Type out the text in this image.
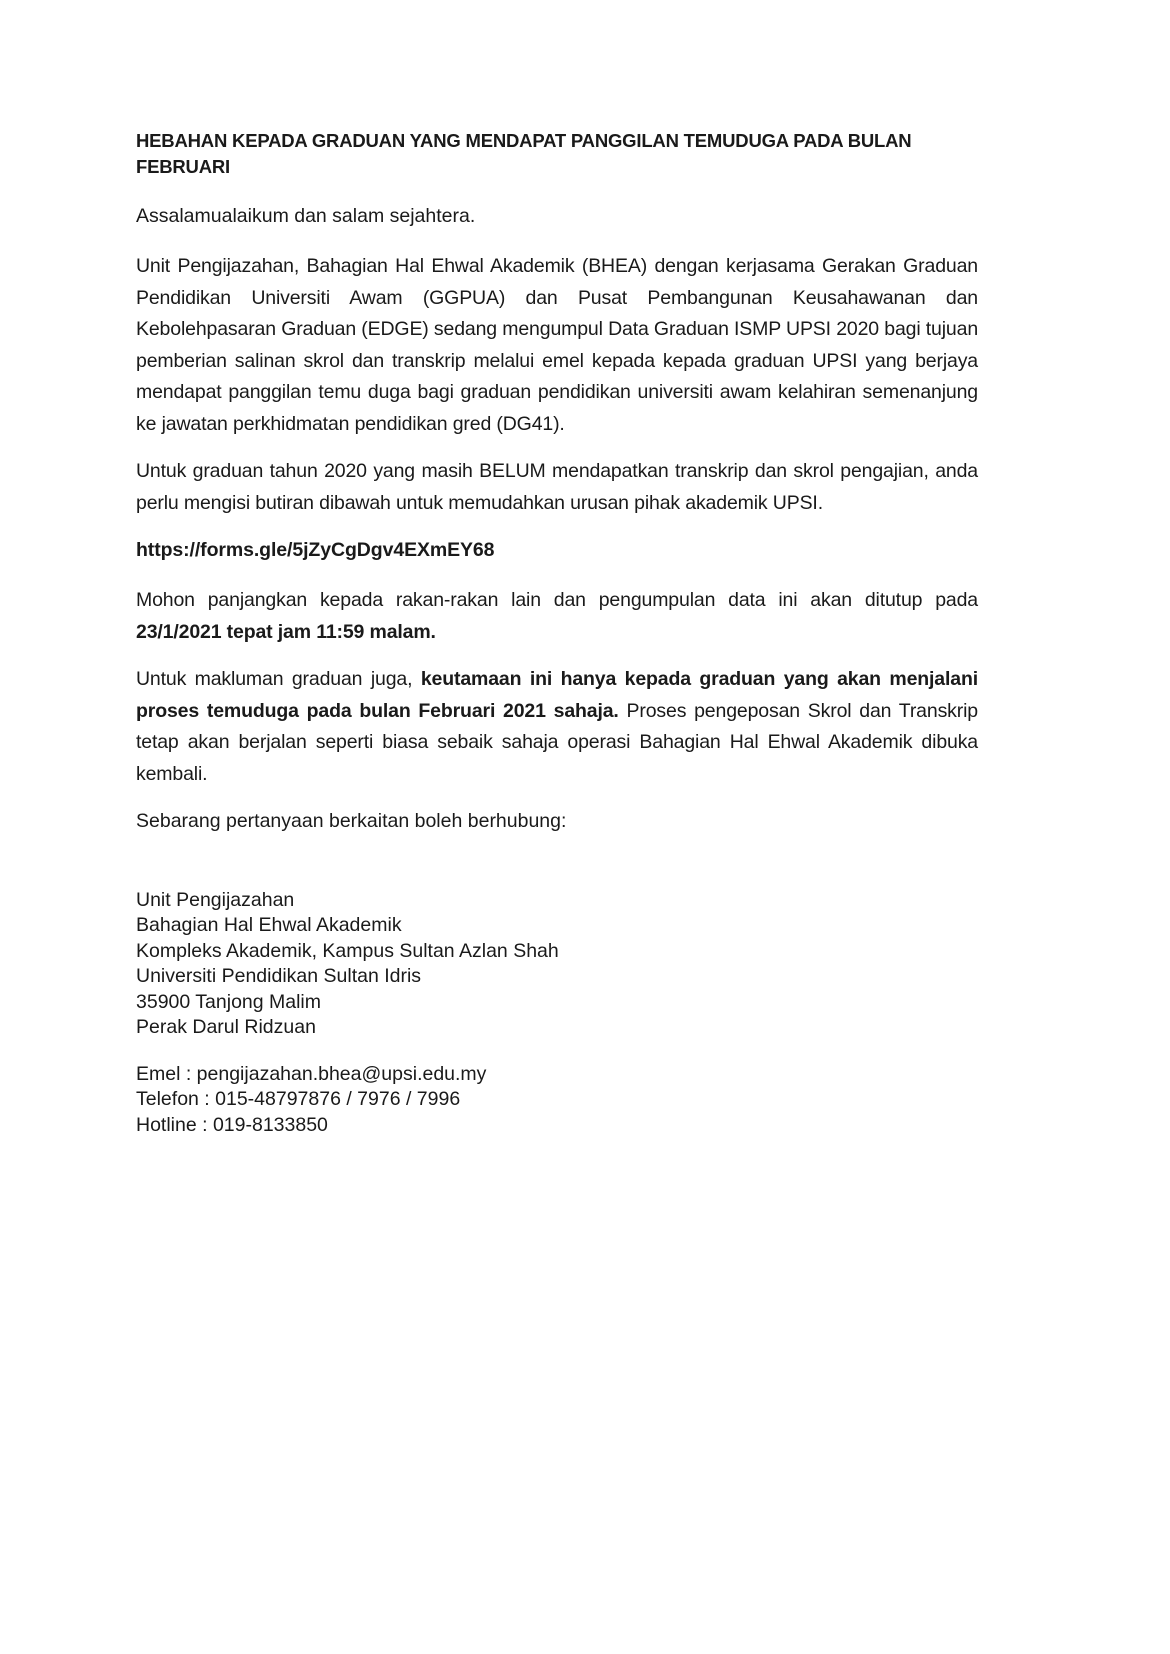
HEBAHAN KEPADA GRADUAN YANG MENDAPAT PANGGILAN TEMUDUGA PADA BULAN FEBRUARI

Assalamualaikum dan salam sejahtera.

Unit Pengijazahan, Bahagian Hal Ehwal Akademik (BHEA) dengan kerjasama Gerakan Graduan Pendidikan Universiti Awam (GGPUA) dan Pusat Pembangunan Keusahawanan dan Kebolehpasaran Graduan (EDGE) sedang mengumpul Data Graduan ISMP UPSI 2020 bagi tujuan pemberian salinan skrol dan transkrip melalui emel kepada kepada graduan UPSI yang berjaya mendapat panggilan temu duga bagi graduan pendidikan universiti awam kelahiran semenanjung ke jawatan perkhidmatan pendidikan gred (DG41).

Untuk graduan tahun 2020 yang masih BELUM mendapatkan transkrip dan skrol pengajian, anda perlu mengisi butiran dibawah untuk memudahkan urusan pihak akademik UPSI.

https://forms.gle/5jZyCgDgv4EXmEY68

Mohon panjangkan kepada rakan-rakan lain dan pengumpulan data ini akan ditutup pada 23/1/2021 tepat jam 11:59 malam.

Untuk makluman graduan juga, keutamaan ini hanya kepada graduan yang akan menjalani proses temuduga pada bulan Februari 2021 sahaja. Proses pengeposan Skrol dan Transkrip tetap akan berjalan seperti biasa sebaik sahaja operasi Bahagian Hal Ehwal Akademik dibuka kembali.

Sebarang pertanyaan berkaitan boleh berhubung:

Unit Pengijazahan
Bahagian Hal Ehwal Akademik
Kompleks Akademik, Kampus Sultan Azlan Shah
Universiti Pendidikan Sultan Idris
35900 Tanjong Malim
Perak Darul Ridzuan
Emel : pengijazahan.bhea@upsi.edu.my
Telefon : 015-48797876 / 7976 / 7996
Hotline : 019-8133850
